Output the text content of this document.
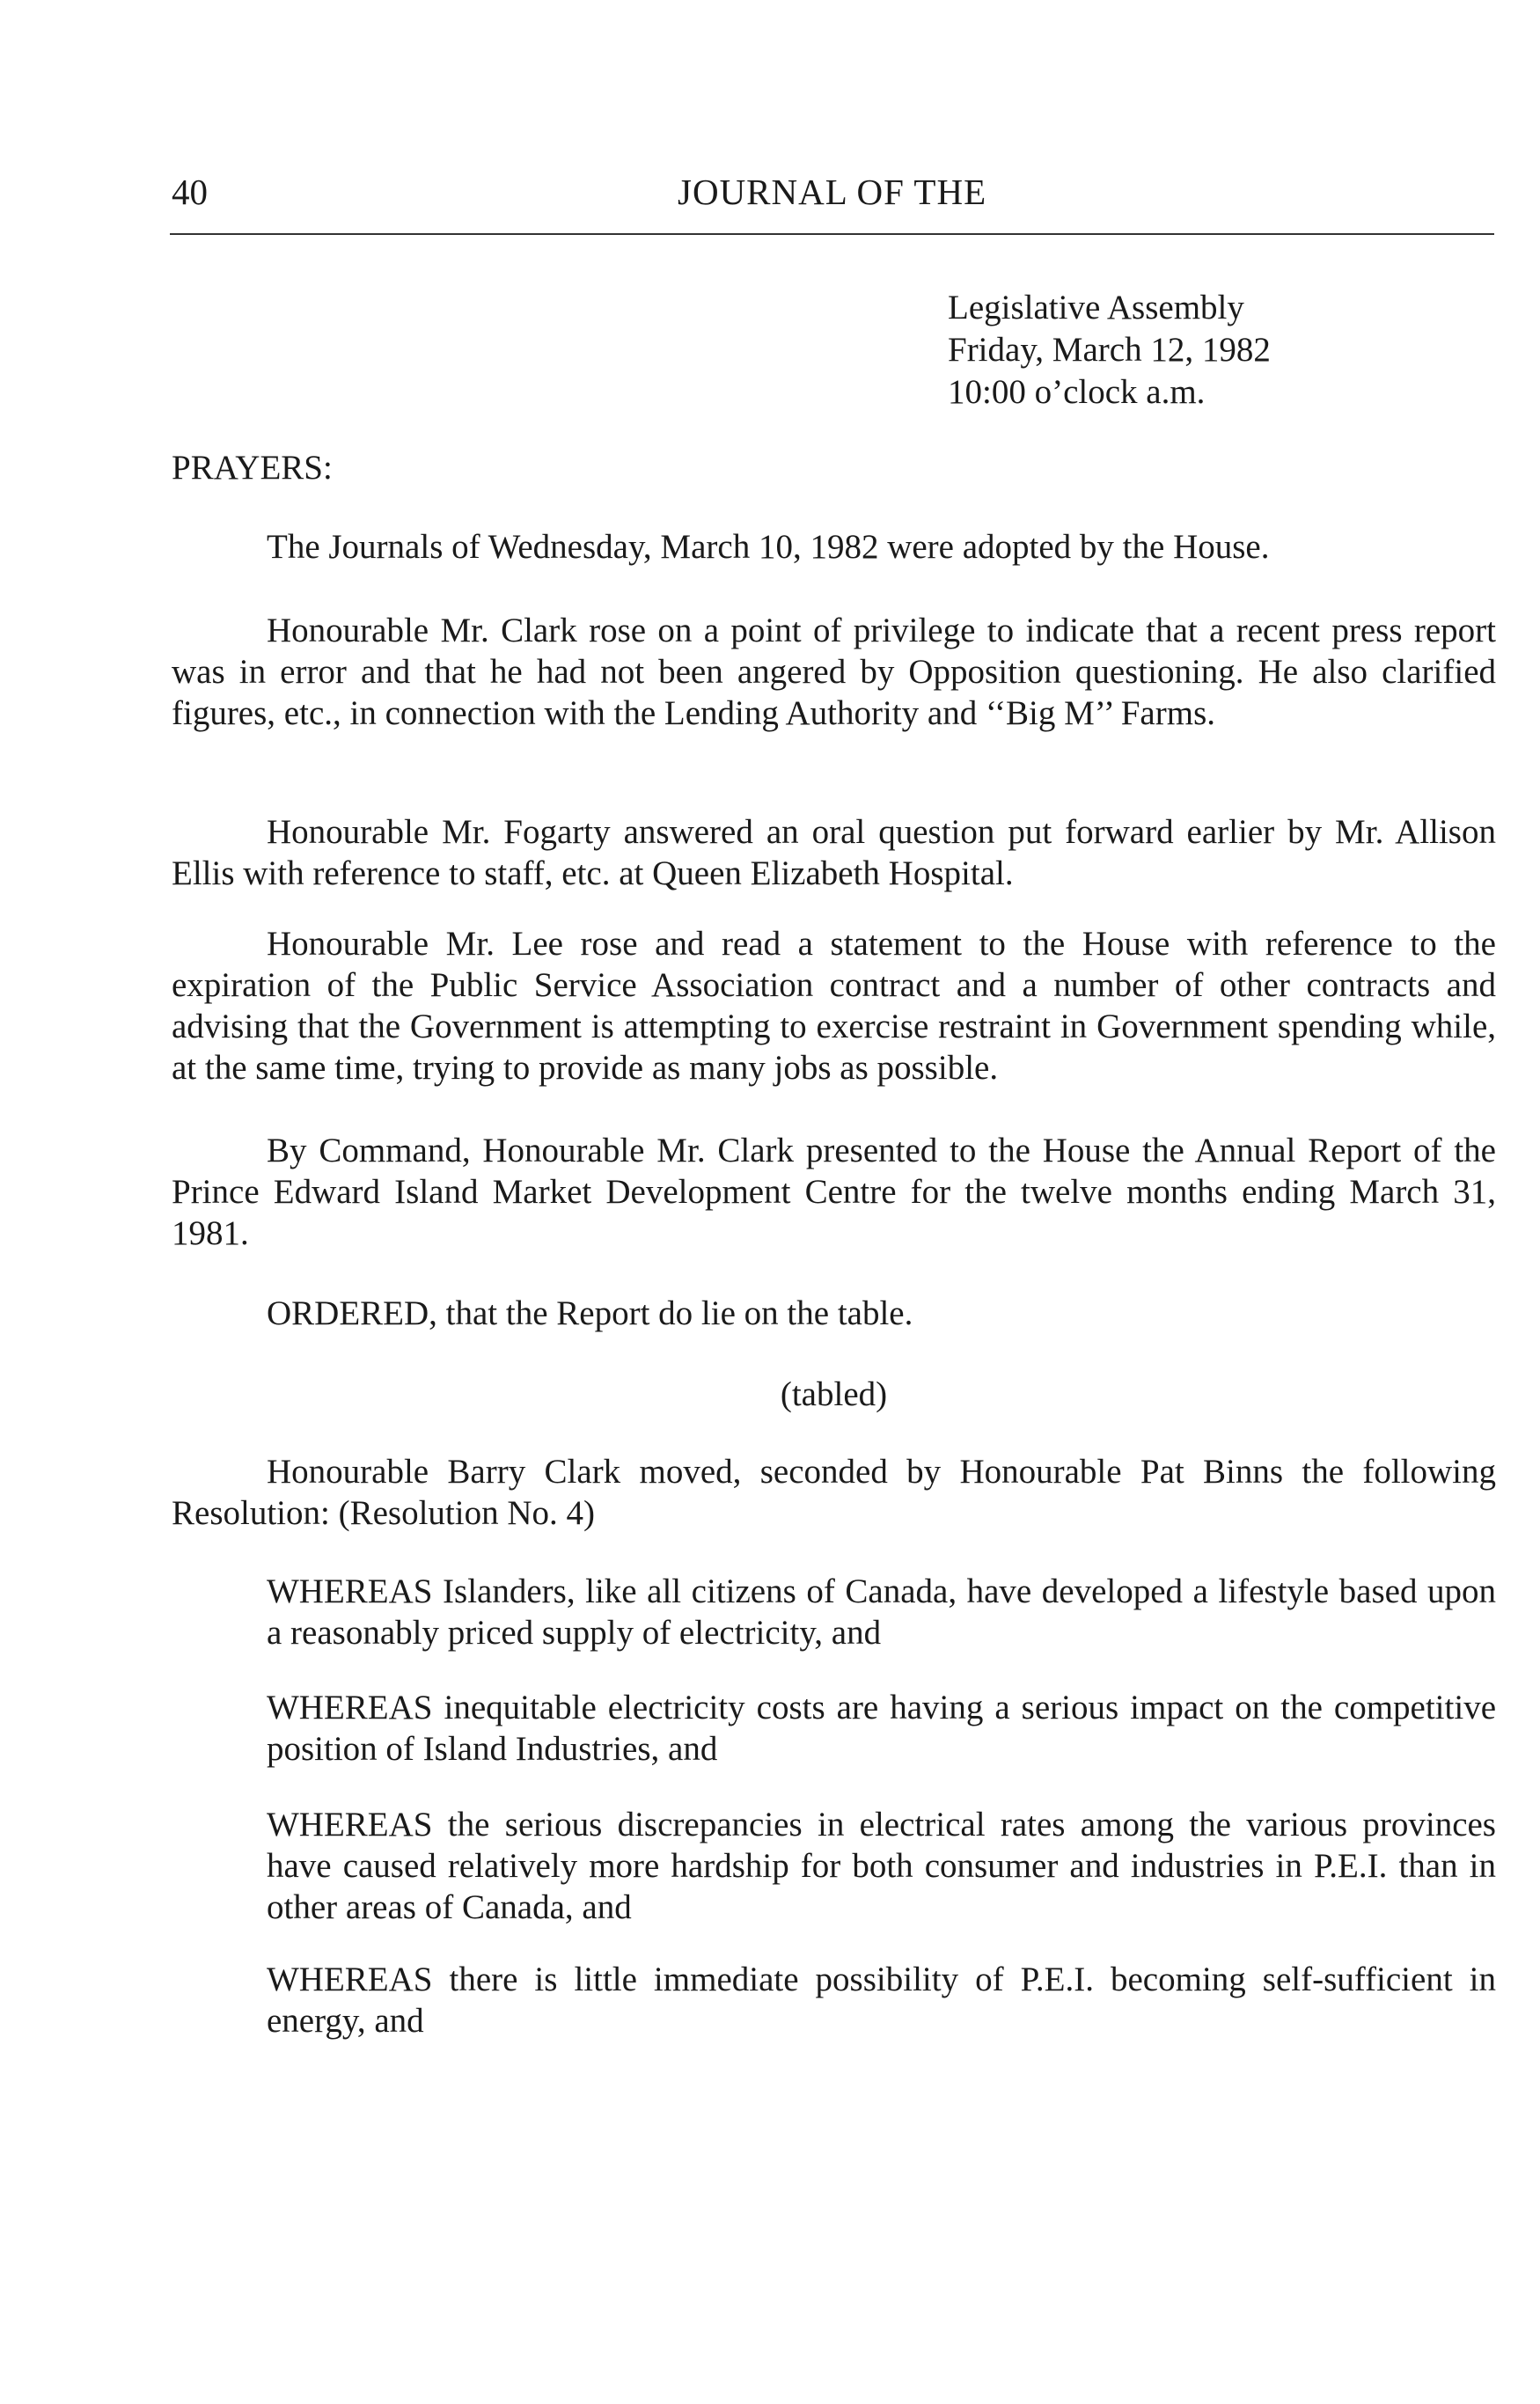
40	JOURNAL OF THE
Legislative Assembly
Friday, March 12, 1982
10:00 o’clock a.m.
PRAYERS:
The Journals of Wednesday, March 10, 1982 were adopted by the House.
Honourable Mr. Clark rose on a point of privilege to indicate that a recent press report was in error and that he had not been angered by Opposition questioning. He also clarified figures, etc., in connection with the Lending Authority and ‘‘Big M’’ Farms.
Honourable Mr. Fogarty answered an oral question put forward earlier by Mr. Allison Ellis with reference to staff, etc. at Queen Elizabeth Hospital.
Honourable Mr. Lee rose and read a statement to the House with reference to the expiration of the Public Service Association contract and a number of other contracts and advising that the Government is attempting to exercise restraint in Government spending while, at the same time, trying to provide as many jobs as possible.
By Command, Honourable Mr. Clark presented to the House the Annual Report of the Prince Edward Island Market Development Centre for the twelve months ending March 31, 1981.
ORDERED, that the Report do lie on the table.
(tabled)
Honourable Barry Clark moved, seconded by Honourable Pat Binns the following Resolution: (Resolution No. 4)
WHEREAS Islanders, like all citizens of Canada, have developed a lifestyle based upon a reasonably priced supply of electricity, and
WHEREAS inequitable electricity costs are having a serious impact on the competitive position of Island Industries, and
WHEREAS the serious discrepancies in electrical rates among the various provinces have caused relatively more hardship for both consumer and industries in P.E.I. than in other areas of Canada, and
WHEREAS there is little immediate possibility of P.E.I. becoming self-sufficient in energy, and
